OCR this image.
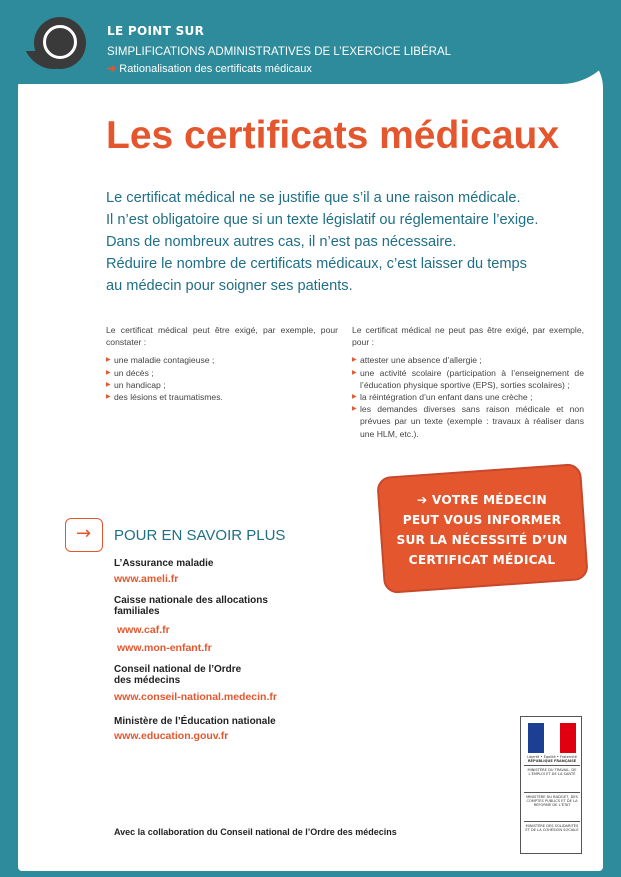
LE POINT SUR
SIMPLIFICATIONS ADMINISTRATIVES DE L’EXERCICE LIBÉRAL
➔ Rationalisation des certificats médicaux
Les certificats médicaux

Le certificat médical ne se justifie que s’il a une raison médicale.

Il n’est obligatoire que si un texte législatif ou réglementaire l’exige.

Dans de nombreux autres cas, il n’est pas nécessaire.

Réduire le nombre de certificats médicaux, c’est laisser du temps

au médecin pour soigner ses patients.

Le certificat médical peut être exigé, par exemple, pour constater :
▶ une maladie contagieuse ;
▶ un décès ;
▶ un handicap ;
▶ des lésions et traumatismes.
Le certificat médical ne peut pas être exigé, par exemple, pour :
▶ attester une absence d’allergie ;
▶ une activité scolaire (participation à l’enseignement de l’éducation physique sportive (EPS), sorties scolaires) ;
▶ la réintégration d’un enfant dans une crèche ;
▶ les demandes diverses sans raison médicale et non prévues par un texte (exemple : travaux à réaliser dans une HLM, etc.).
➔ VOTRE MÉDECIN
PEUT VOUS INFORMER
SUR LA NÉCESSITÉ D’UN
CERTIFICAT MÉDICAL
→ POUR EN SAVOIR PLUS
L’Assurance maladie
www.ameli.fr
Caisse nationale des allocations
familiales
www.caf.fr
www.mon-enfant.fr
Conseil national de l’Ordre
des médecins
www.conseil-national.medecin.fr
Ministère de l’Éducation nationale
www.education.gouv.fr
Avec la collaboration du Conseil national de l’Ordre des médecins
Liberté • Égalité • Fraternité
RÉPUBLIQUE FRANÇAISE
MINISTÈRE DU TRAVAIL, DE L’EMPLOI ET DE LA SANTÉ
MINISTÈRE DU BUDGET, DES COMPTES PUBLICS ET DE LA RÉFORME DE L’ÉTAT
MINISTÈRE DES SOLIDARITÉS ET DE LA COHÉSION SOCIALE
